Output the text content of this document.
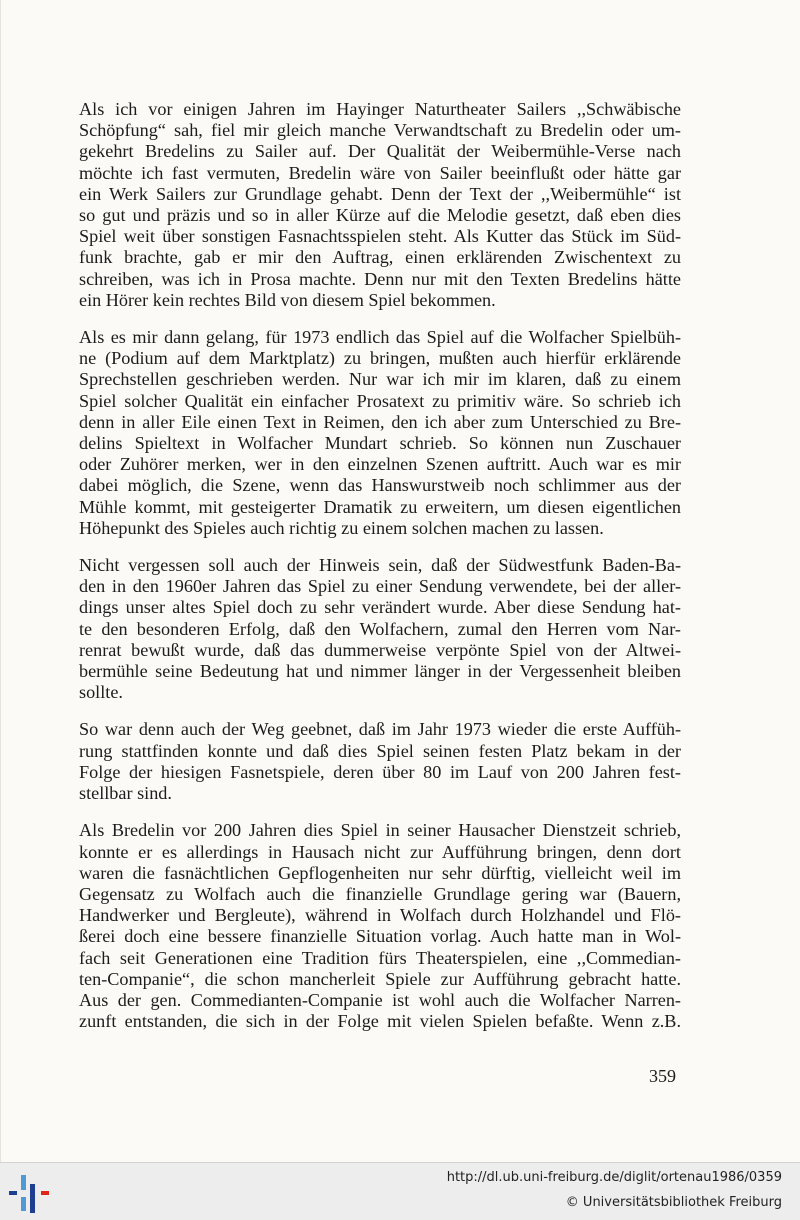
Als ich vor einigen Jahren im Hayinger Naturtheater Sailers ,,Schwäbische
Schöpfung“ sah, fiel mir gleich manche Verwandtschaft zu Bredelin oder um-
gekehrt Bredelins zu Sailer auf. Der Qualität der Weibermühle-Verse nach
möchte ich fast vermuten, Bredelin wäre von Sailer beeinflußt oder hätte gar
ein Werk Sailers zur Grundlage gehabt. Denn der Text der ,,Weibermühle“ ist
so gut und präzis und so in aller Kürze auf die Melodie gesetzt, daß eben dies
Spiel weit über sonstigen Fasnachtsspielen steht. Als Kutter das Stück im Süd-
funk brachte, gab er mir den Auftrag, einen erklärenden Zwischentext zu
schreiben, was ich in Prosa machte. Denn nur mit den Texten Bredelins hätte
ein Hörer kein rechtes Bild von diesem Spiel bekommen.
Als es mir dann gelang, für 1973 endlich das Spiel auf die Wolfacher Spielbüh-
ne (Podium auf dem Marktplatz) zu bringen, mußten auch hierfür erklärende
Sprechstellen geschrieben werden. Nur war ich mir im klaren, daß zu einem
Spiel solcher Qualität ein einfacher Prosatext zu primitiv wäre. So schrieb ich
denn in aller Eile einen Text in Reimen, den ich aber zum Unterschied zu Bre-
delins Spieltext in Wolfacher Mundart schrieb. So können nun Zuschauer
oder Zuhörer merken, wer in den einzelnen Szenen auftritt. Auch war es mir
dabei möglich, die Szene, wenn das Hanswurstweib noch schlimmer aus der
Mühle kommt, mit gesteigerter Dramatik zu erweitern, um diesen eigentlichen
Höhepunkt des Spieles auch richtig zu einem solchen machen zu lassen.
Nicht vergessen soll auch der Hinweis sein, daß der Südwestfunk Baden-Ba-
den in den 1960er Jahren das Spiel zu einer Sendung verwendete, bei der aller-
dings unser altes Spiel doch zu sehr verändert wurde. Aber diese Sendung hat-
te den besonderen Erfolg, daß den Wolfachern, zumal den Herren vom Nar-
renrat bewußt wurde, daß das dummerweise verpönte Spiel von der Altwei-
bermühle seine Bedeutung hat und nimmer länger in der Vergessenheit bleiben
sollte.
So war denn auch der Weg geebnet, daß im Jahr 1973 wieder die erste Auffüh-
rung stattfinden konnte und daß dies Spiel seinen festen Platz bekam in der
Folge der hiesigen Fasnetspiele, deren über 80 im Lauf von 200 Jahren fest-
stellbar sind.
Als Bredelin vor 200 Jahren dies Spiel in seiner Hausacher Dienstzeit schrieb,
konnte er es allerdings in Hausach nicht zur Aufführung bringen, denn dort
waren die fasnächtlichen Gepflogenheiten nur sehr dürftig, vielleicht weil im
Gegensatz zu Wolfach auch die finanzielle Grundlage gering war (Bauern,
Handwerker und Bergleute), während in Wolfach durch Holzhandel und Flö-
ßerei doch eine bessere finanzielle Situation vorlag. Auch hatte man in Wol-
fach seit Generationen eine Tradition fürs Theaterspielen, eine ,,Commedian-
ten-Companie“, die schon mancherleit Spiele zur Aufführung gebracht hatte.
Aus der gen. Commedianten-Companie ist wohl auch die Wolfacher Narren-
zunft entstanden, die sich in der Folge mit vielen Spielen befaßte. Wenn z.B.
359
http://dl.ub.uni-freiburg.de/diglit/ortenau1986/0359
© Universitätsbibliothek Freiburg
